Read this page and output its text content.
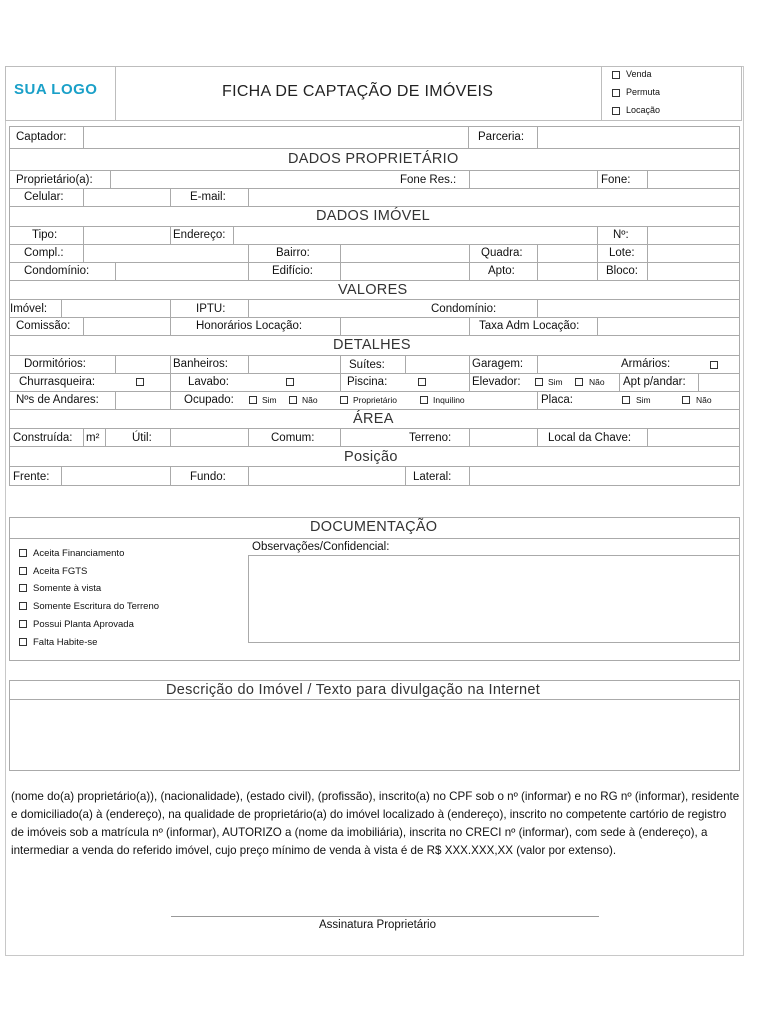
SUA LOGO	FICHA DE CAPTAÇÃO DE IMÓVEIS
Venda
Permuta
Locação
Captador:	Parceria:
DADOS PROPRIETÁRIO
Proprietário(a):	Fone Res.:	Fone:
Celular:	E-mail:
DADOS IMÓVEL
Tipo:	Endereço:	Nº:
Compl.:	Bairro:	Quadra:	Lote:
Condomínio:	Edifício:	Apto:	Bloco:
VALORES
Imóvel:	IPTU:	Condomínio:
Comissão:	Honorários Locação:	Taxa Adm Locação:
DETALHES
Dormitórios:	Banheiros:	Suítes:	Garagem:	Armários:
Churrasqueira:	Lavabo:	Piscina:	Elevador:	Sim	Não Apt p/andar:
Nºs de Andares:	Ocupado:	Sim	Não	Proprietário	Inquilino	Placa:	Sim	Não
ÁREA
Construída: m²	Útil:	Comum:	Terreno:	Local da Chave:
Posição
Frente:	Fundo:	Lateral:
DOCUMENTAÇÃO
Observações/Confidencial:
Aceita Financiamento
Aceita FGTS
Somente à vista
Somente Escritura do Terreno
Possui Planta Aprovada
Falta Habite-se
Descrição do Imóvel / Texto para divulgação na Internet
(nome do(a) proprietário(a)), (nacionalidade), (estado civil), (profissão), inscrito(a) no CPF sob o nº (informar) e no RG nº (informar), residente e domiciliado(a) à (endereço), na qualidade de proprietário(a) do imóvel localizado à (endereço), inscrito no competente cartório de registro de imóveis sob a matrícula nº (informar), AUTORIZO a (nome da imobiliária), inscrita no CRECI nº (informar), com sede à (endereço), a intermediar a venda do referido imóvel, cujo preço mínimo de venda à vista é de R$ XXX.XXX,XX (valor por extenso).
Assinatura Proprietário
